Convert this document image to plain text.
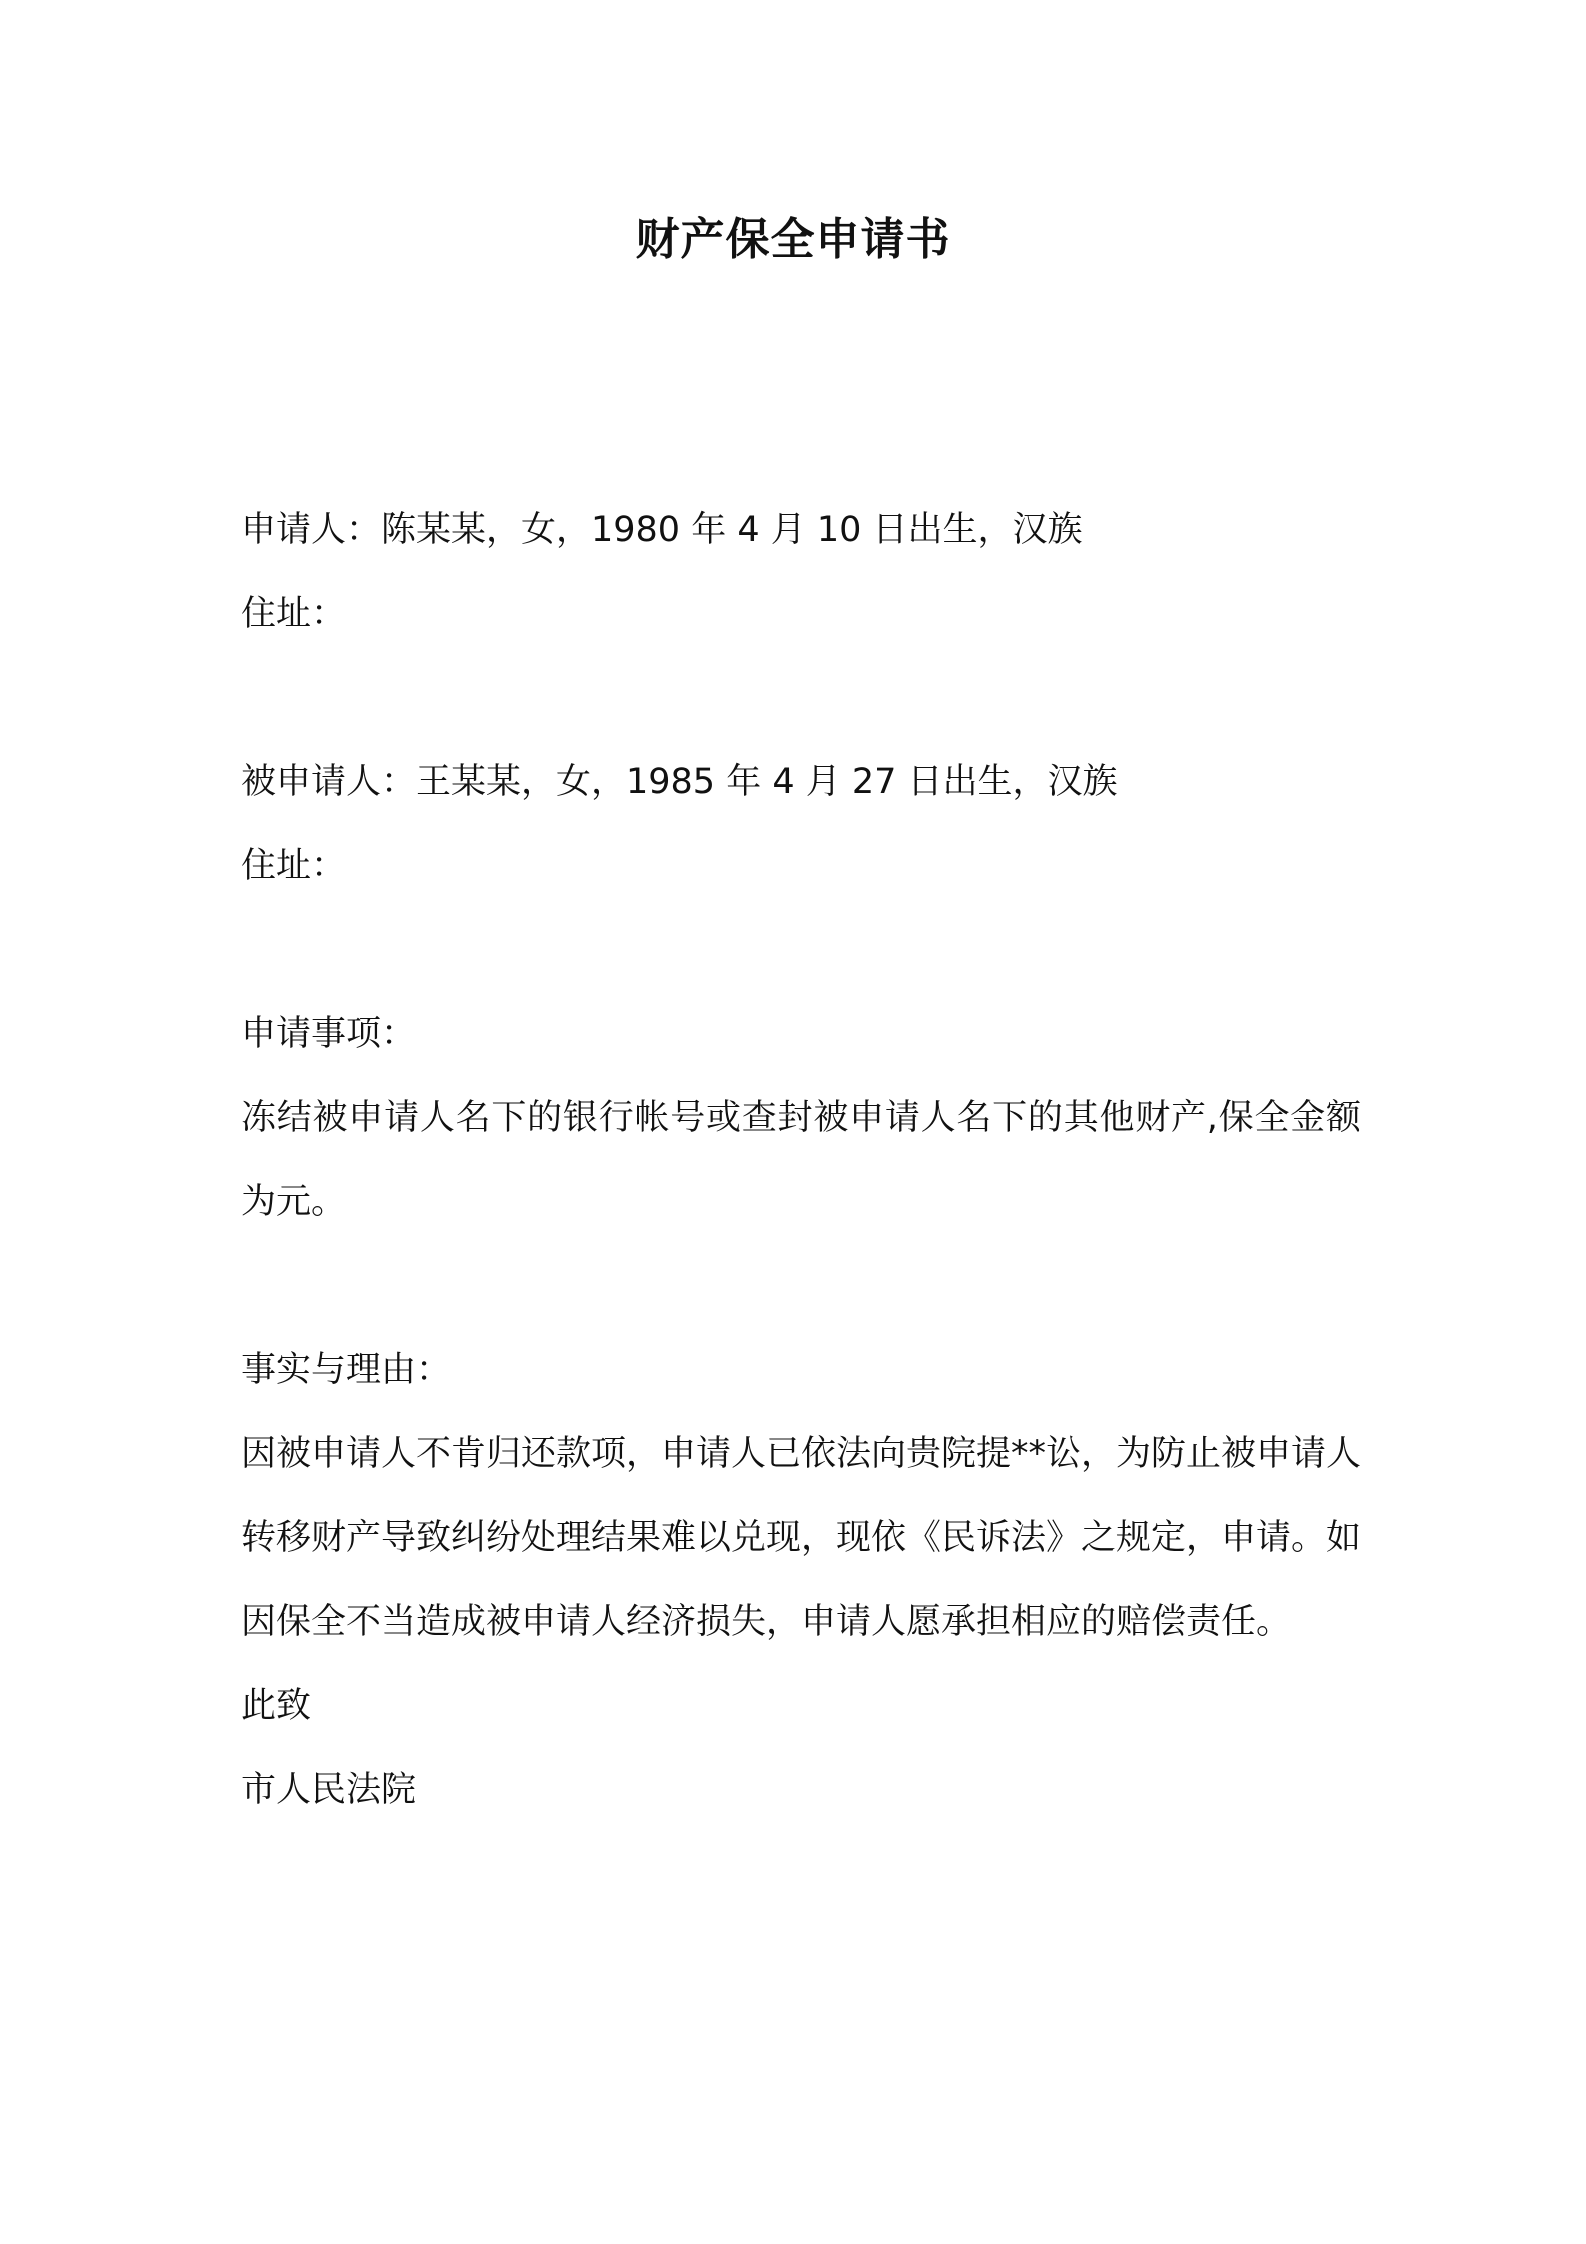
财产保全申请书
申请人：陈某某，女，1980 年 4 月 10 日出生，汉族
住址：
被申请人：王某某，女，1985 年 4 月 27 日出生，汉族
住址：
申请事项：
冻结被申请人名下的银行帐号或查封被申请人名下的其他财产,保全金额为元。
事实与理由：
因被申请人不肯归还款项，申请人已依法向贵院提**讼，为防止被申请人转移财产导致纠纷处理结果难以兑现，现依《民诉法》之规定，申请。如因保全不当造成被申请人经济损失，申请人愿承担相应的赔偿责任。
此致
市人民法院
